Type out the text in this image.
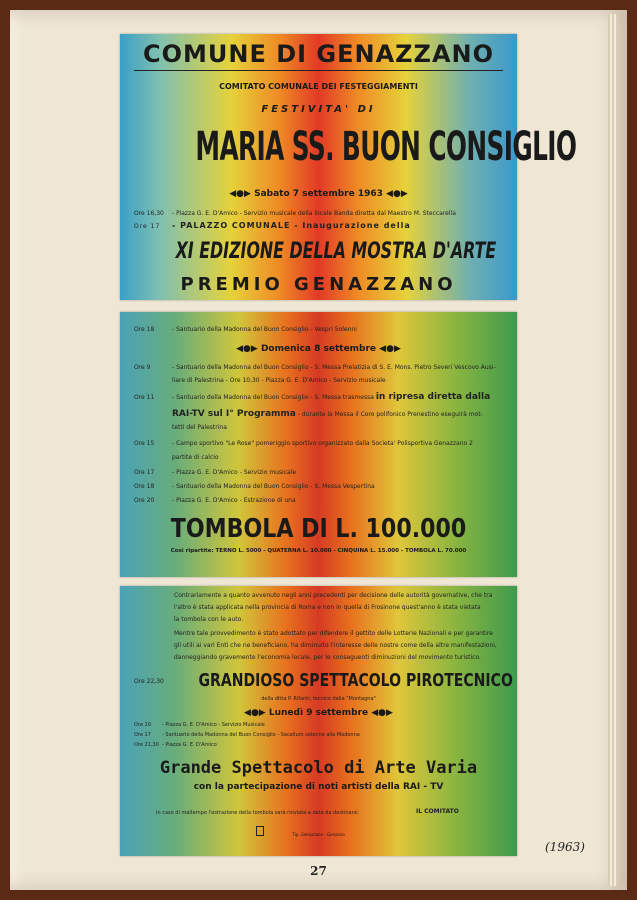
COMUNE DI GENAZZANO
COMITATO COMUNALE DEI FESTEGGIAMENTI
FESTIVITA' DI
MARIA SS. BUON CONSIGLIO
◀●▶ Sabato 7 settembre 1963 ◀●▶
Ore 16,30 - Piazza G. E. D'Amico - Servizio musicale della locale Banda diretta dal Maestro M. Steccarella
Ore 17 - PALAZZO COMUNALE - Inaugurazione della
XI EDIZIONE DELLA MOSTRA D'ARTE
PREMIO GENAZZANO
Ore 18	- Santuario della Madonna del Buon Consiglio - Vespri Solenni
◀●▶ Domenica 8 settembre ◀●▶
Ore 9	- Santuario della Madonna del Buon Consiglio - S. Messa Prelatizia di S. E. Mons. Pietro Severi Vescovo Ausi-
liare di Palestrina - Ore 10,30 - Piazza G. E. D'Amico - Servizio musicale
Ore 11	- Santuario della Madonna del Buon Consiglio - S. Messa trasmessa in ripresa diretta dalla
RAI-TV sul I° Programma - durante la Messa il Coro polifonico Prenestino eseguirà mot-
tetti del Palestrina
Ore 15	- Campo sportivo "Le Rose" pomeriggio sportivo organizzato dalla Societa' Polisportiva Genazzano 2
partite di calcio
Ore 17	- Piazza G. E. D'Amico - Servizio musicale
Ore 18	- Santuario della Madonna del Buon Consiglio - S. Messa Vespertina
Ore 20	- Piazza G. E. D'Amico - Estrazione di una
TOMBOLA DI L. 100.000
Così ripartite: TERNO L. 5000 - QUATERNA L. 10.000 - CINQUINA L. 15.000 - TOMBOLA L. 70.000
Contrariamente a quanto avvenuto negli anni precedenti per decisione delle autorità governative, che tra
l'altro è stata applicata nella provincia di Roma e non in quella di Frosinone quest'anno è stata vietata
la tombola con le auto.
Mentre tale provvedimento è stato adottato per difendere il gettito delle Lotterie Nazionali e per garantire
gli utili ai vari Enti che ne beneficiano, ha diminuito l'interesse delle nostre come della altre manifestazioni,
danneggiando gravemente l'economia locale, per le conseguenti diminuzioni del movimento turistico.
Ore 22,30	GRANDIOSO SPETTACOLO PIROTECNICO
della ditta P. Rifanti, tecnico della "Montagna"
◀●▶ Lunedì 9 settembre ◀●▶
Ore 10 - Piazza G. E. D'Amico - Servizio Musicale
Ore 17 - Santuario della Madonna del Buon Consiglio - Sacellum solenne alla Madonna
Ore 21,30 - Piazza G. E. D'Amico
Grande Spettacolo di Arte Varia
con la partecipazione di noti artisti della RAI - TV
In caso di maltempo l'estrazione della tombola sarà rinviata a data da destinarsi.	IL COMITATO
Tip. Genazzano - Genzano
(1963)
27
